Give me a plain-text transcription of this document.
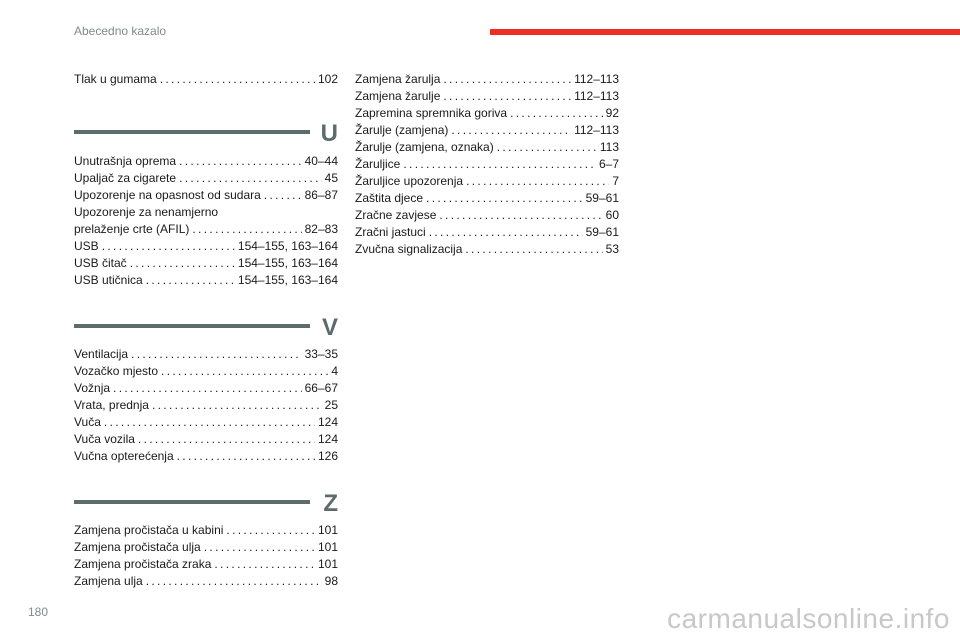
Abecedno kazalo
Tlak u gumama . . .	102
U
Unutrašnja oprema . . .	40–44
Upaljač za cigarete . . .	45
Upozorenje na opasnost od sudara . . .	86–87
Upozorenje za nenamjerno
prelaženje crte (AFIL) . . .	82–83
USB . . .	154–155, 163–164
USB čitač . . .	154–155, 163–164
USB utičnica . . .	154–155, 163–164
V
Ventilacija . . .	33–35
Vozačko mjesto . . .	4
Vožnja . . .	66–67
Vrata, prednja . . .	25
Vuča . . .	124
Vuča vozila . . .	124
Vučna opterećenja . . .	126
Z
Zamjena pročistača u kabini . . .	101
Zamjena pročistača ulja . . .	101
Zamjena pročistača zraka . . .	101
Zamjena ulja . . .	98
Zamjena žarulja . . .	112–113
Zamjena žarulje . . .	112–113
Zapremina spremnika goriva . . .	92
Žarulje (zamjena) . . .	112–113
Žarulje (zamjena, oznaka) . . .	113
Žaruljice . . .	6–7
Žaruljice upozorenja . . .	7
Zaštita djece . . .	59–61
Zračne zavjese . . .	60
Zračni jastuci . . .	59–61
Zvučna signalizacija . . .	53
180	carmanualsonline.info
